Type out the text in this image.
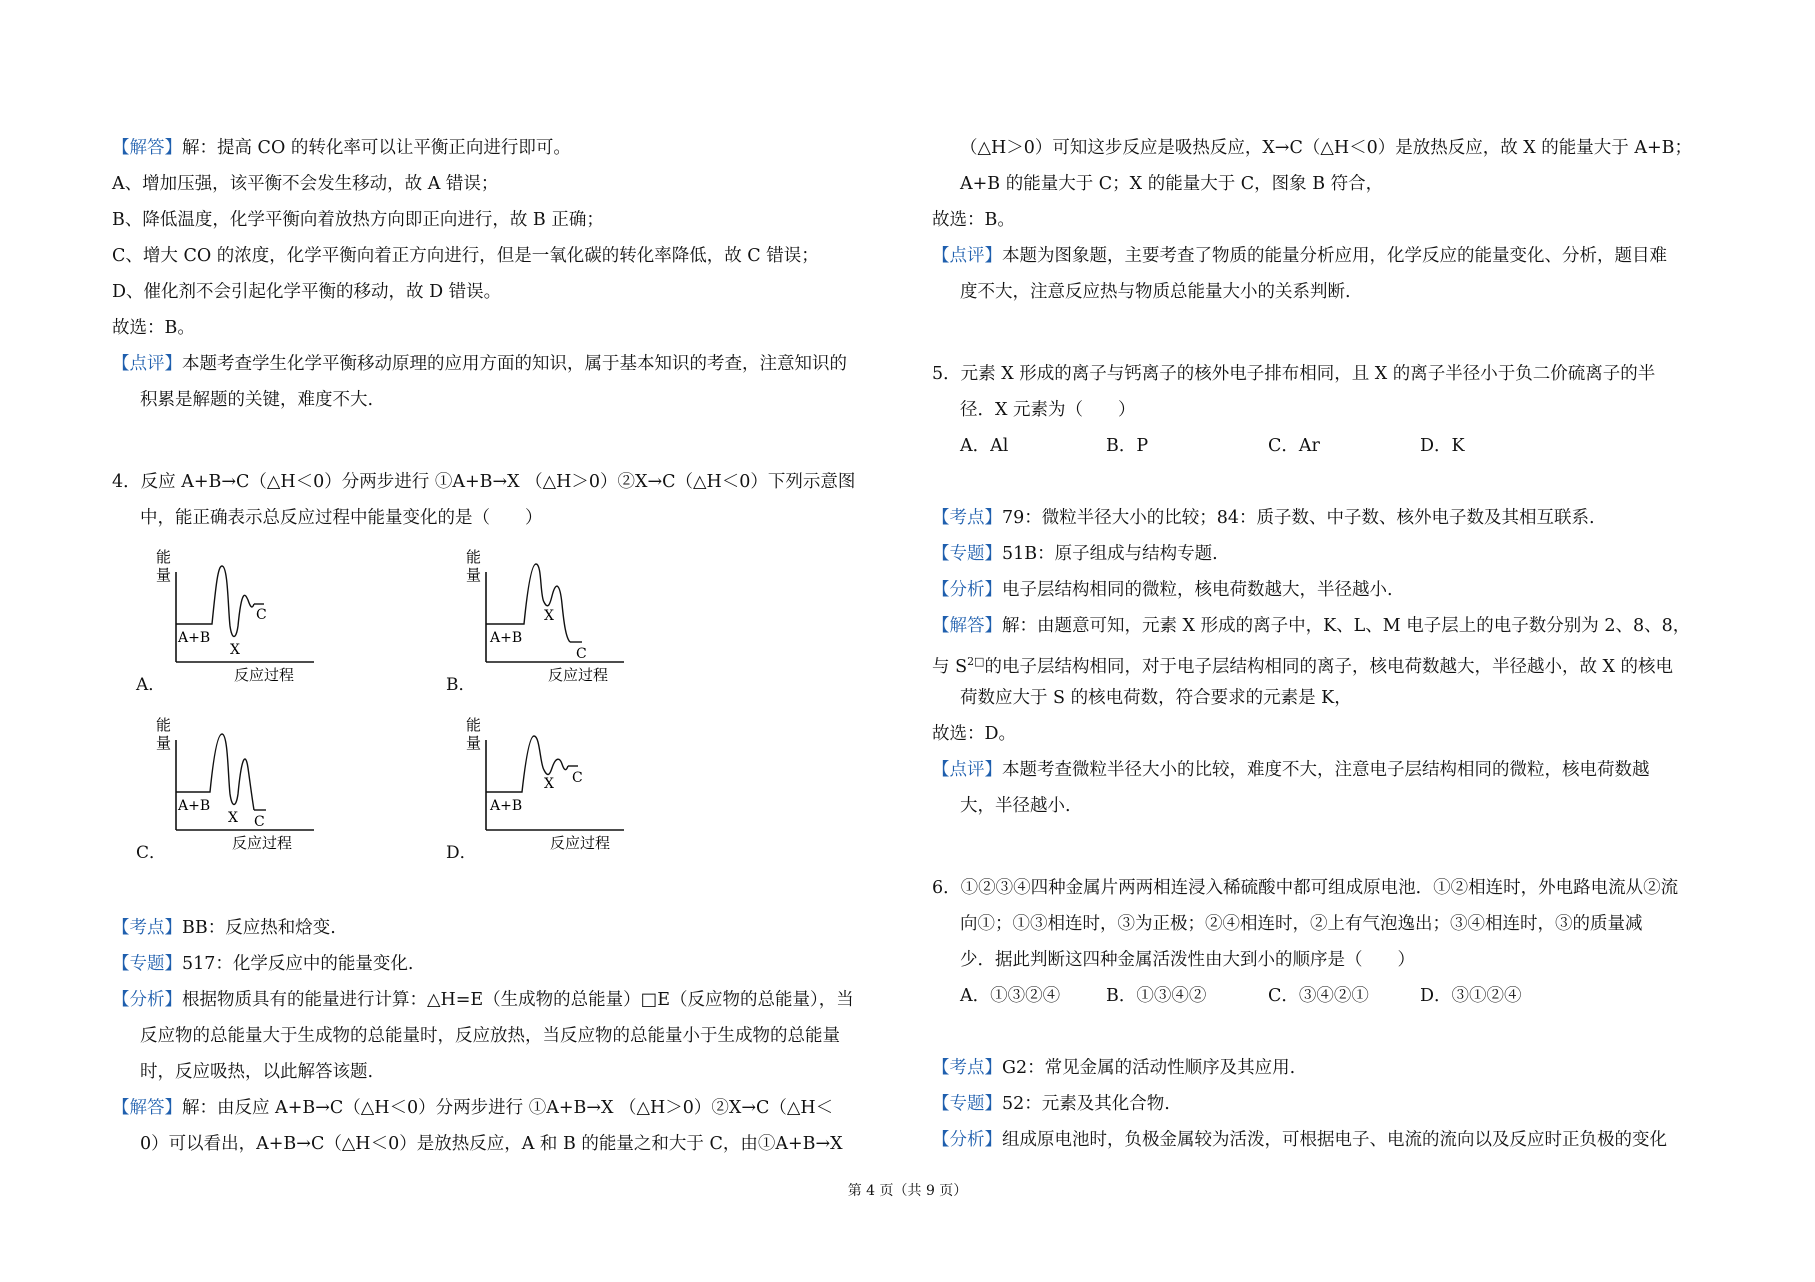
【解答】解：提高 CO 的转化率可以让平衡正向进行即可。
A、增加压强，该平衡不会发生移动，故 A 错误；
B、降低温度，化学平衡向着放热方向即正向进行，故 B 正确；
C、增大 CO 的浓度，化学平衡向着正方向进行，但是一氧化碳的转化率降低，故 C 错误；
D、催化剂不会引起化学平衡的移动，故 D 错误。
故选：B。
【点评】本题考查学生化学平衡移动原理的应用方面的知识，属于基本知识的考查，注意知识的
积累是解题的关键，难度不大.
4．反应 A+B→C（△H＜0）分两步进行 ①A+B→X （△H＞0）②X→C（△H＜0）下列示意图
中，能正确表示总反应过程中能量变化的是（　　）
能
量
A+B
X
C
反应过程
A．
能
量
A+B
X
C
反应过程
B．
能
量
A+B
X C
反应过程
C．
能
量
A+B
X C
反应过程
D．
【考点】BB：反应热和焓变.
【专题】517：化学反应中的能量变化.
【分析】根据物质具有的能量进行计算：△H=E（生成物的总能量）□E（反应物的总能量），当
反应物的总能量大于生成物的总能量时，反应放热，当反应物的总能量小于生成物的总能量
时，反应吸热，以此解答该题.
【解答】解：由反应 A+B→C（△H＜0）分两步进行 ①A+B→X （△H＞0）②X→C（△H＜
0）可以看出，A+B→C（△H＜0）是放热反应，A 和 B 的能量之和大于 C，由①A+B→X
（△H＞0）可知这步反应是吸热反应，X→C（△H＜0）是放热反应，故 X 的能量大于 A+B；
A+B 的能量大于 C；X 的能量大于 C，图象 B 符合，
故选：B。
【点评】本题为图象题，主要考查了物质的能量分析应用，化学反应的能量变化、分析，题目难
度不大，注意反应热与物质总能量大小的关系判断.
5．元素 X 形成的离子与钙离子的核外电子排布相同，且 X 的离子半径小于负二价硫离子的半
径．X 元素为（　　）
A．Al	B．P	C．Ar	D．K
【考点】79：微粒半径大小的比较；84：质子数、中子数、核外电子数及其相互联系.
【专题】51B：原子组成与结构专题.
【分析】电子层结构相同的微粒，核电荷数越大，半径越小.
【解答】解：由题意可知，元素 X 形成的离子中，K、L、M 电子层上的电子数分别为 2、8、8，
与 $S^{2□}$的电子层结构相同，对于电子层结构相同的离子，核电荷数越大，半径越小，故 X 的核电
荷数应大于 S 的核电荷数，符合要求的元素是 K，
故选：D。
【点评】本题考查微粒半径大小的比较，难度不大，注意电子层结构相同的微粒，核电荷数越
大，半径越小.
6．①②③④四种金属片两两相连浸入稀硫酸中都可组成原电池．①②相连时，外电路电流从②流
向①；①③相连时，③为正极；②④相连时，②上有气泡逸出；③④相连时，③的质量减
少．据此判断这四种金属活泼性由大到小的顺序是（　　）
A．①③②④	B．①③④②	C．③④②①	D．③①②④
【考点】G2：常见金属的活动性顺序及其应用.
【专题】52：元素及其化合物.
【分析】组成原电池时，负极金属较为活泼，可根据电子、电流的流向以及反应时正负极的变化
第 4 页（共 9 页）
